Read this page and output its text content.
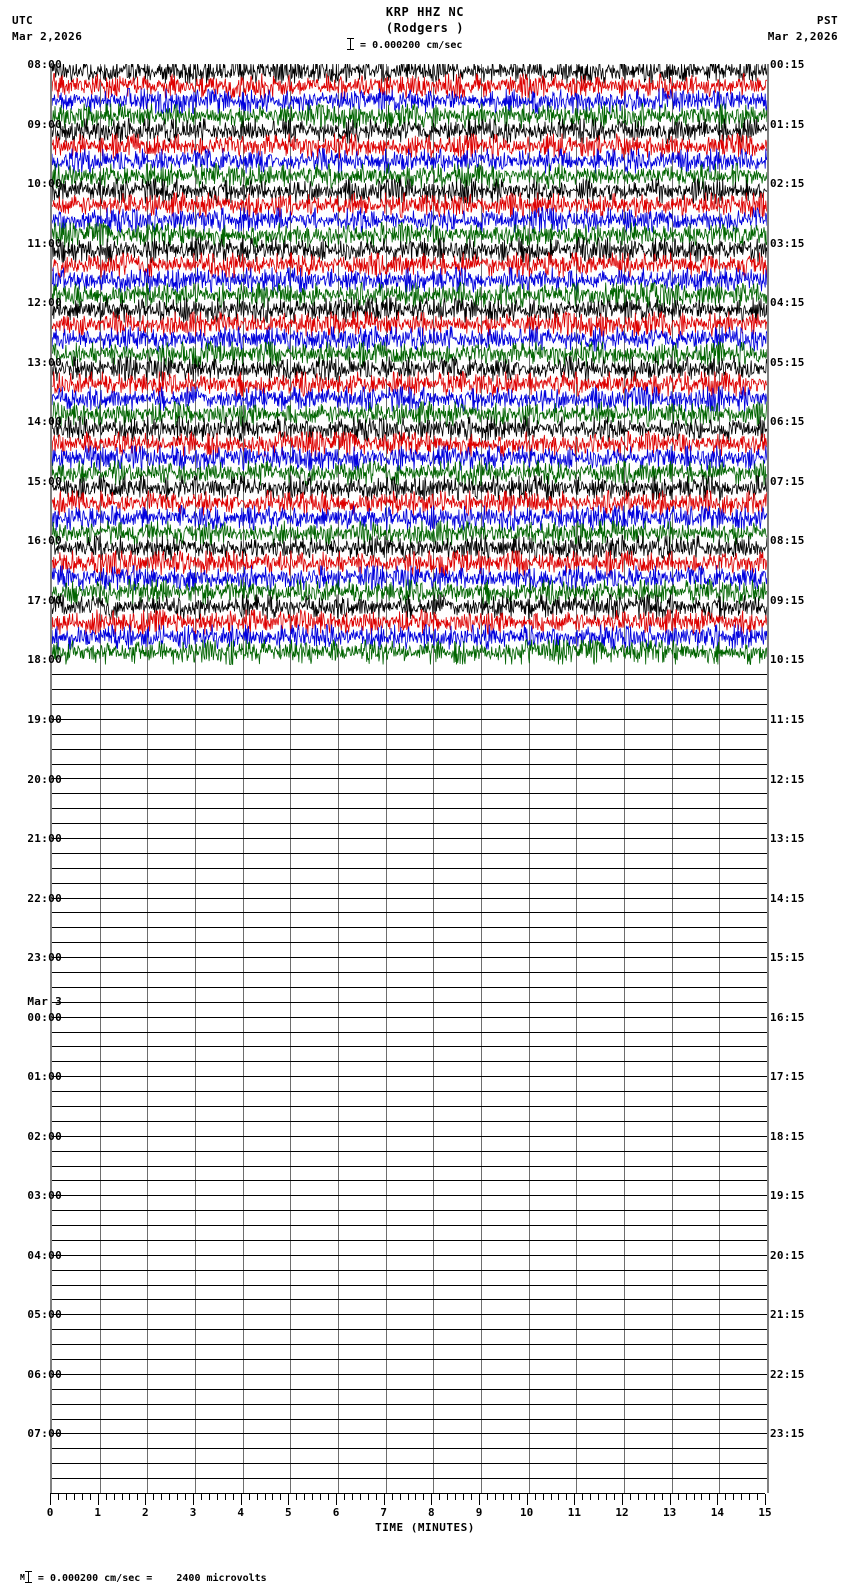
UTC
Mar 2,2026
KRP HHZ NC
(Rodgers )
PST
Mar 2,2026
= 0.000200 cm/sec
08:00	00:15
09:00	01:15
10:00	02:15
11:00	03:15
12:00	04:15
13:00	05:15
14:00	06:15
15:00	07:15
16:00	08:15
17:00	09:15
18:00	10:15
19:00	11:15
20:00	12:15
21:00	13:15
22:00	14:15
23:00	15:15
00:00	16:15
Mar 3
01:00	17:15
02:00	18:15
03:00	19:15
04:00	20:15
05:00	21:15
06:00	22:15
07:00	23:15
0	1	2	3	4	5	6	7	8	9	10	11	12	13	14	15
TIME (MINUTES)

M = 0.000200 cm/sec =    2400 microvolts
